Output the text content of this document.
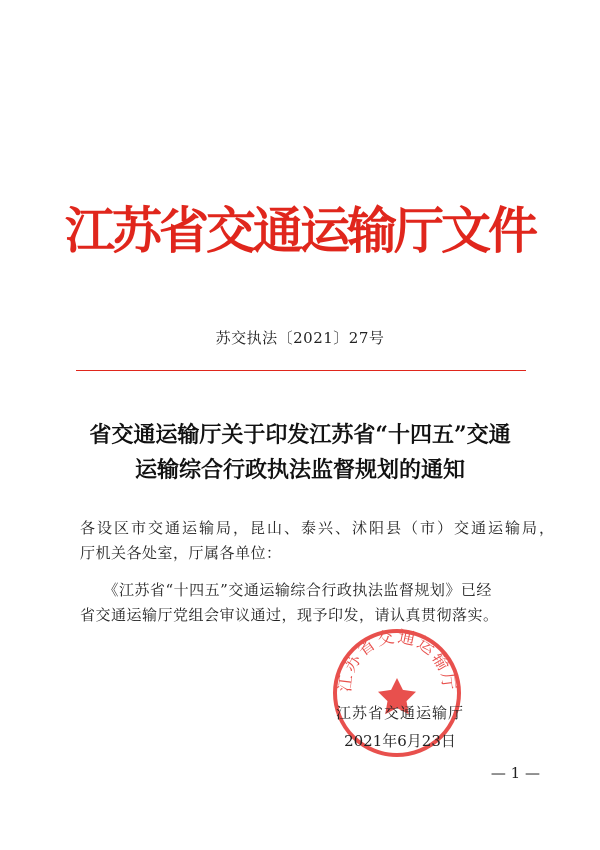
江苏省交通运输厅文件
苏交执法〔2021〕27号
省交通运输厅关于印发江苏省“十四五”交通
运输综合行政执法监督规划的通知
各设区市交通运输局，昆山、泰兴、沭阳县（市）交通运输局，
厅机关各处室，厅属各单位：
　　《江苏省“十四五”交通运输综合行政执法监督规划》已经
省交通运输厅党组会审议通过，现予印发，请认真贯彻落实。
江苏省交通运输厅
江苏省交通运输厅
2021年6月23日
— 1 —
